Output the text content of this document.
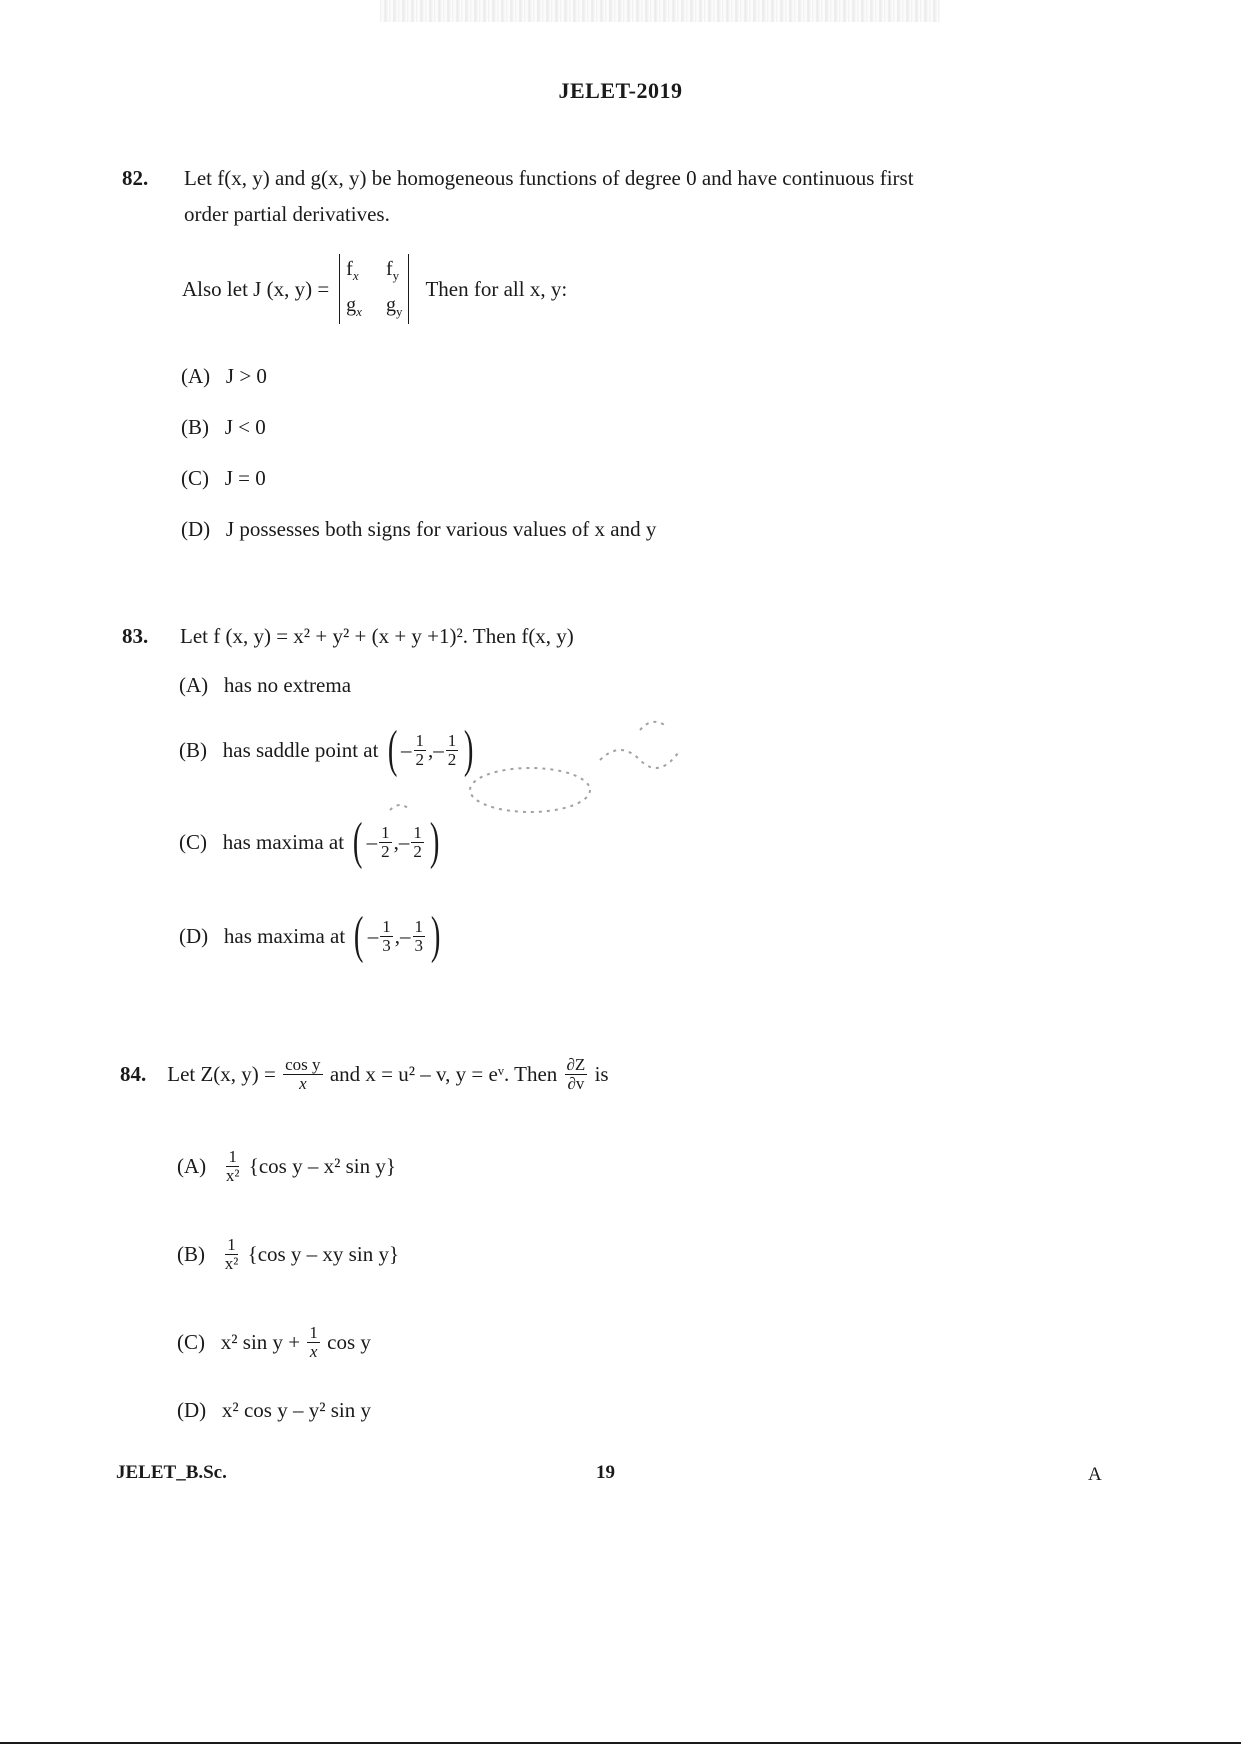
JELET-2019
82. Let f(x, y) and g(x, y) be homogeneous functions of degree 0 and have continuous first
order partial derivatives.
Also let J (x, y) =
$f_x$ $f_y$
$g_x$ $g_y$
Then for all x, y:
(A) J > 0
(B) J < 0
(C) J = 0
(D) J possesses both signs for various values of x and y
83. Let f (x, y) = x² + y² + (x + y +1)². Then f(x, y)
(A) has no extrema
(B)
has saddle point at
( – $\frac{1}{2}$ ,– $\frac{1}{2}$ )
(C)
has maxima at
( – $\frac{1}{2}$ ,– $\frac{1}{2}$ )
(D)
has maxima at
( – $\frac{1}{3}$ ,– $\frac{1}{3}$ )
84.
Let Z(x, y) =
$\frac{\text{cos y}}{x}$
and x = u² – v, y = eᵛ. Then
$\frac{\partial Z}{\partial v}$
is
(A)
$\frac{1}{\text{x²}}$
{cos y – x² sin y}
(B)
$\frac{1}{\text{x²}}$
{cos y – xy sin y}
(C)
x² sin y +
$\frac{1}{x}$
cos y
(D) x² cos y – y² sin y
JELET_B.Sc.	19	A
